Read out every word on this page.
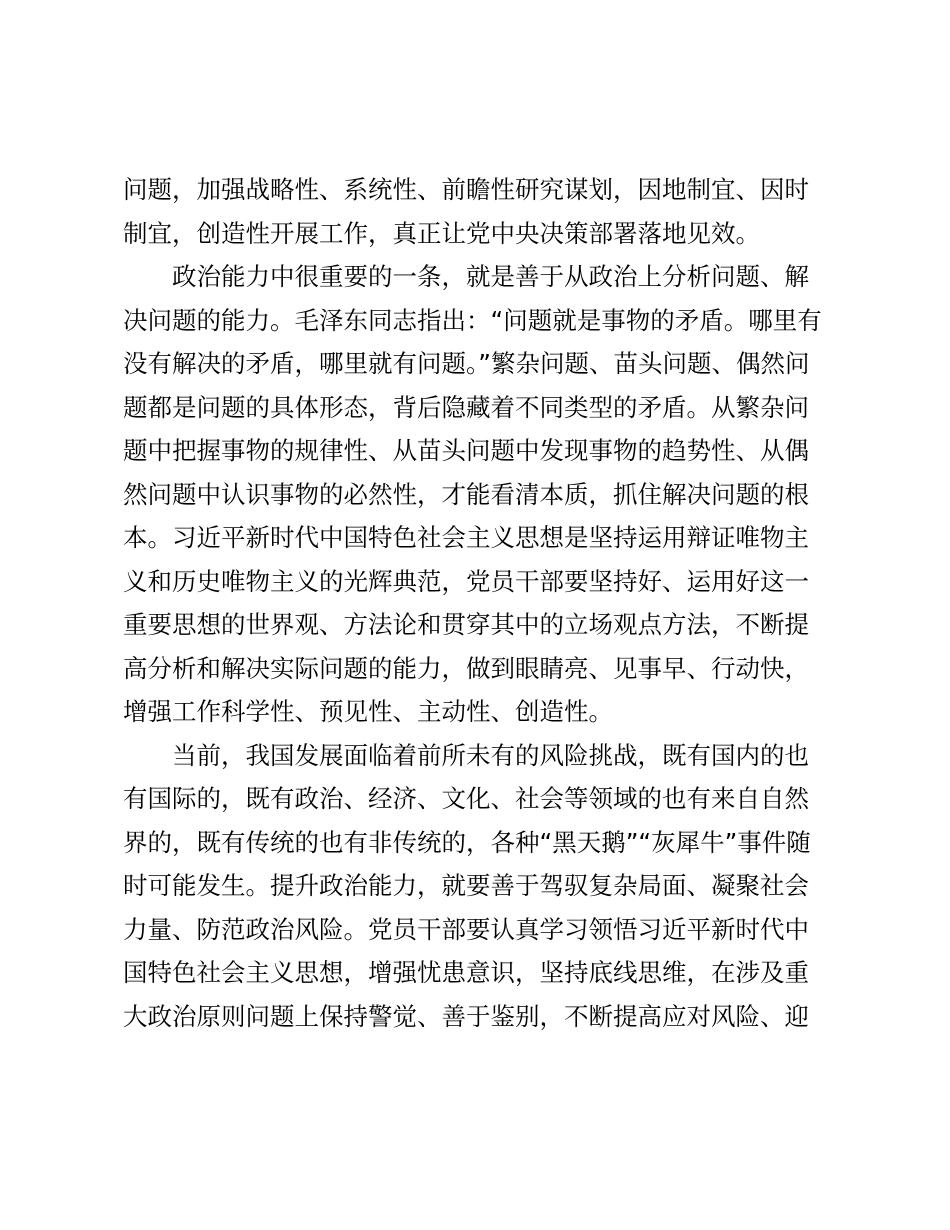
问题，加强战略性、系统性、前瞻性研究谋划，因地制宜、因时
制宜，创造性开展工作，真正让党中央决策部署落地见效。
政治能力中很重要的一条，就是善于从政治上分析问题、解
决问题的能力。毛泽东同志指出：“问题就是事物的矛盾。哪里有
没有解决的矛盾，哪里就有问题。”繁杂问题、苗头问题、偶然问
题都是问题的具体形态，背后隐藏着不同类型的矛盾。从繁杂问
题中把握事物的规律性、从苗头问题中发现事物的趋势性、从偶
然问题中认识事物的必然性，才能看清本质，抓住解决问题的根
本。习近平新时代中国特色社会主义思想是坚持运用辩证唯物主
义和历史唯物主义的光辉典范，党员干部要坚持好、运用好这一
重要思想的世界观、方法论和贯穿其中的立场观点方法，不断提
高分析和解决实际问题的能力，做到眼睛亮、见事早、行动快，
增强工作科学性、预见性、主动性、创造性。
当前，我国发展面临着前所未有的风险挑战，既有国内的也
有国际的，既有政治、经济、文化、社会等领域的也有来自自然
界的，既有传统的也有非传统的，各种“黑天鹅”“灰犀牛”事件随
时可能发生。提升政治能力，就要善于驾驭复杂局面、凝聚社会
力量、防范政治风险。党员干部要认真学习领悟习近平新时代中
国特色社会主义思想，增强忧患意识，坚持底线思维，在涉及重
大政治原则问题上保持警觉、善于鉴别，不断提高应对风险、迎
